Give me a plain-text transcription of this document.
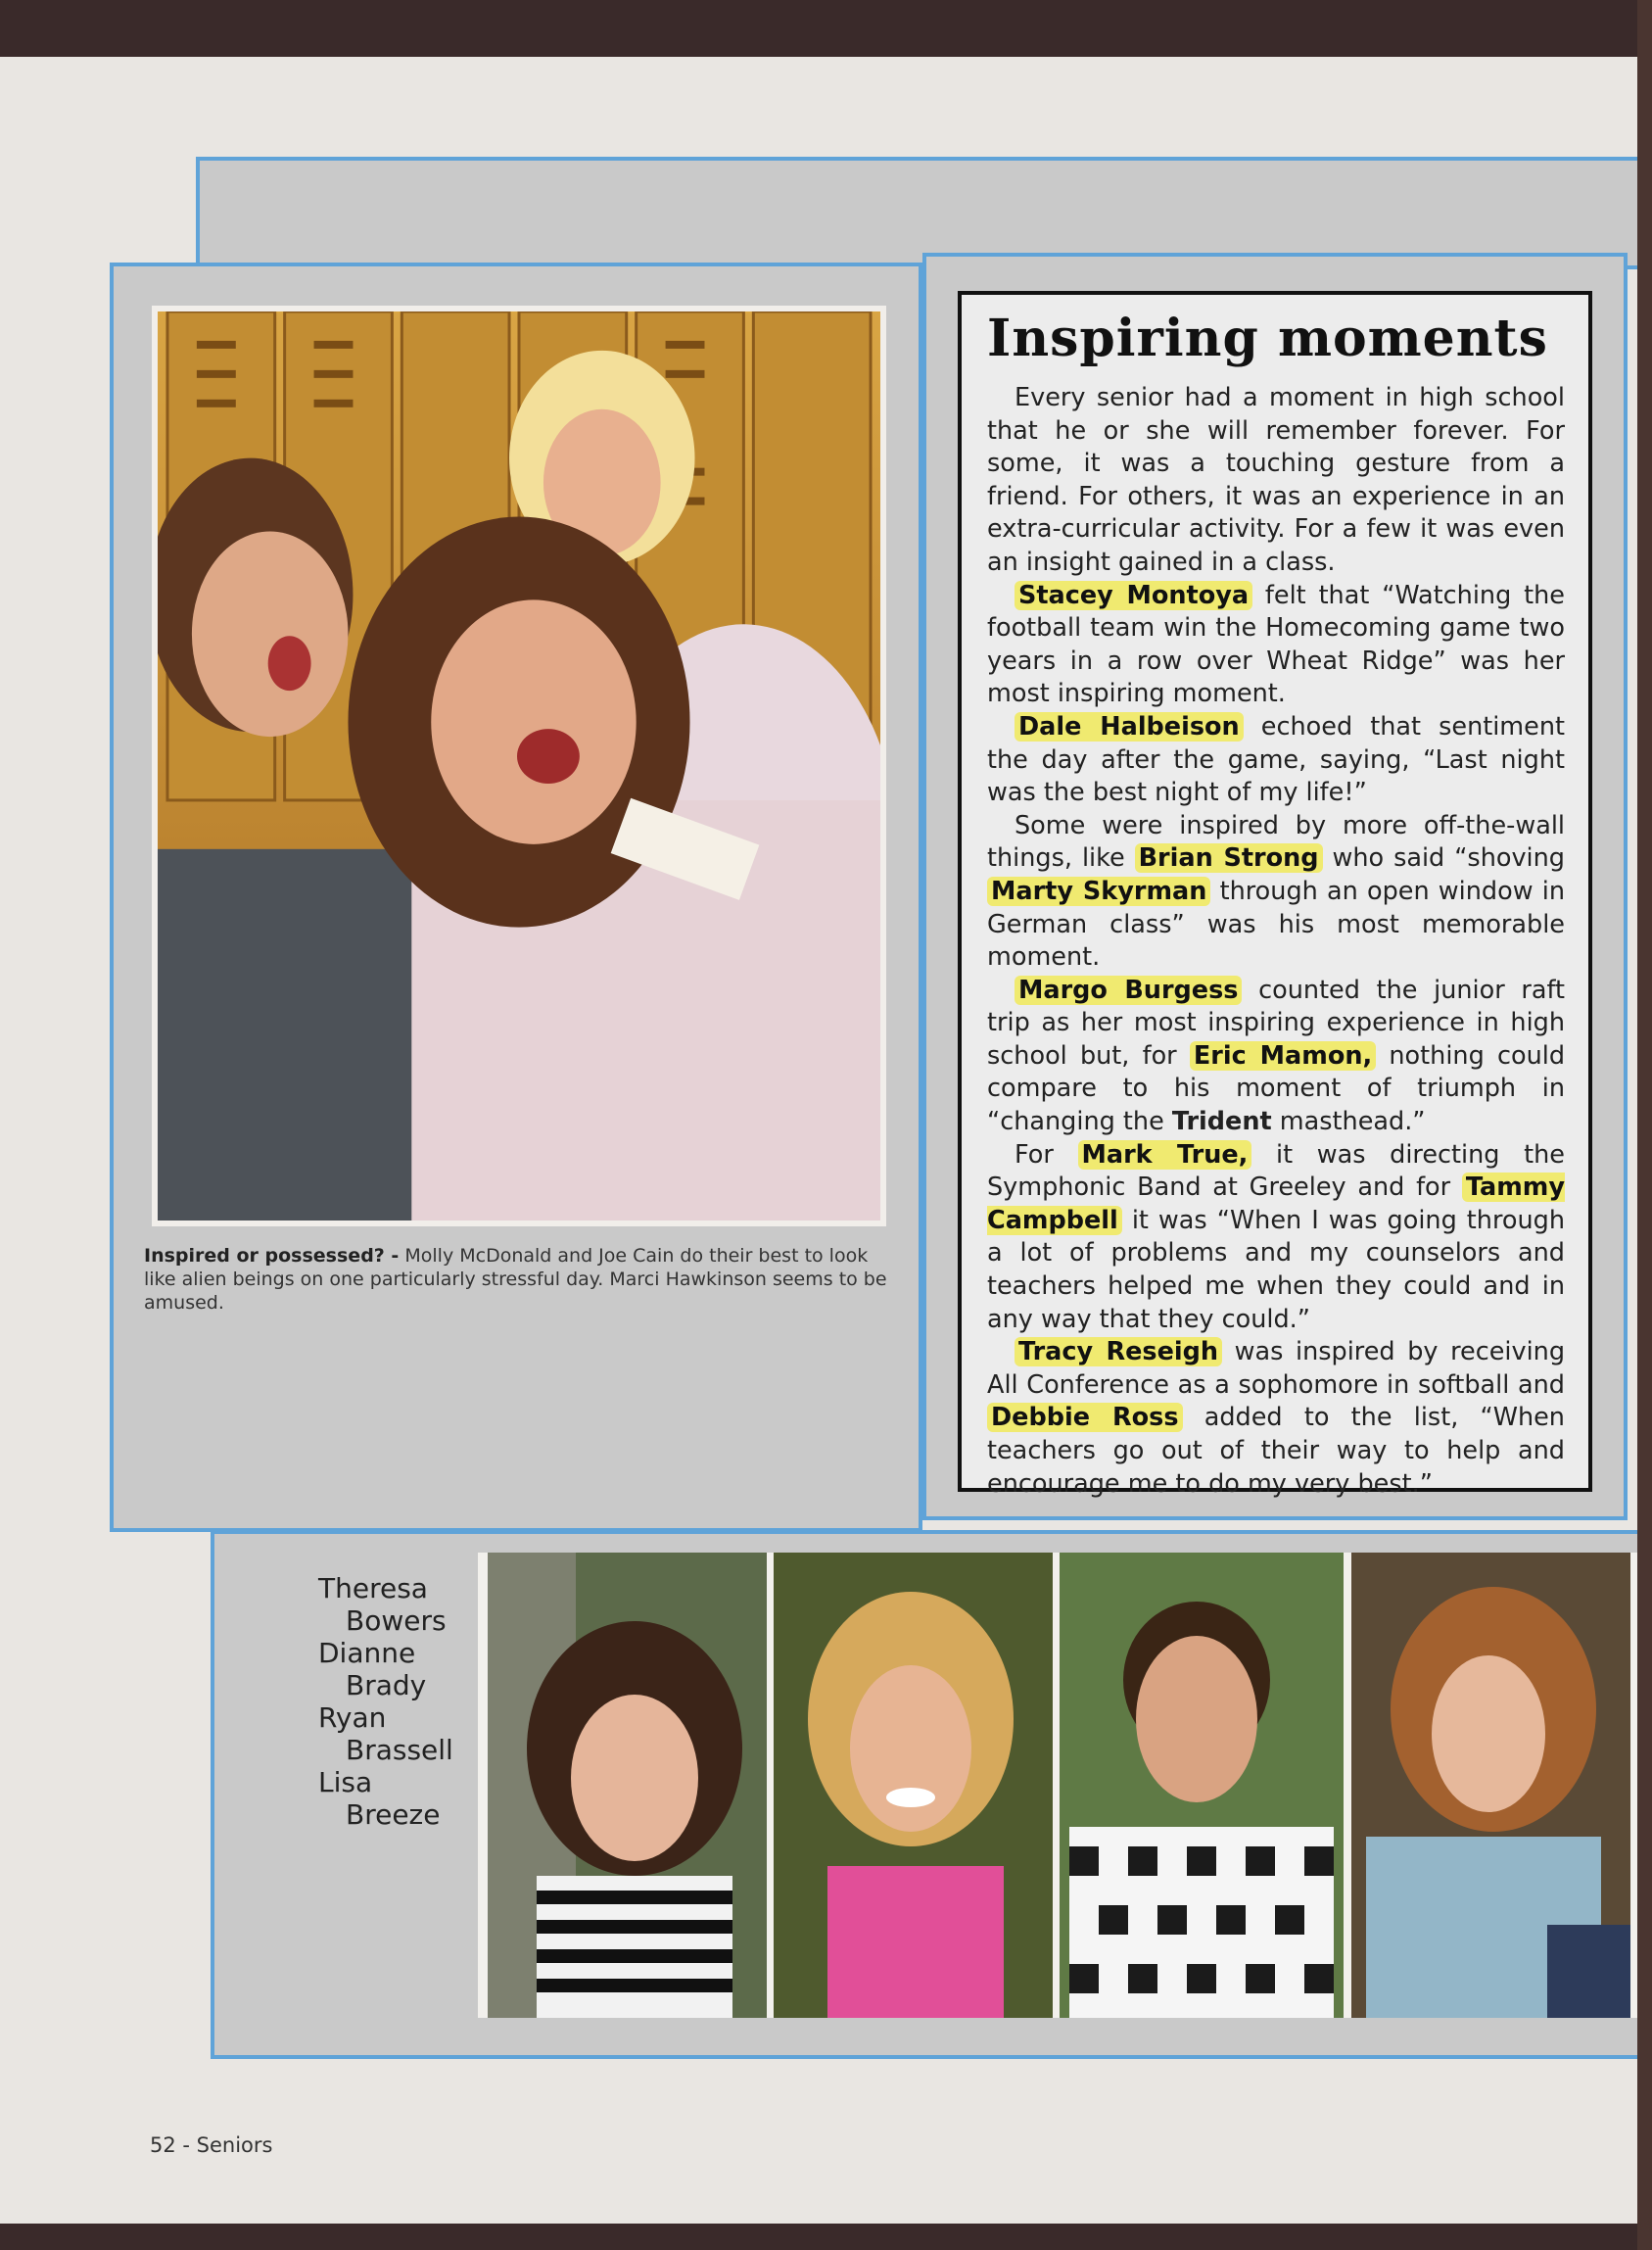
Inspired or possessed? - Molly McDonald and Joe Cain do their best to look like alien beings on one particularly stressful day. Marci Hawkinson seems to be amused.
Inspiring moments

Every senior had a moment in high school that he or she will remember forever. For some, it was a touching gesture from a friend. For others, it was an experience in an extra-curricular activity. For a few it was even an insight gained in a class.

Stacey Montoya felt that “Watching the football team win the Homecoming game two years in a row over Wheat Ridge” was her most inspiring moment.

Dale Halbeison echoed that sentiment the day after the game, saying, “Last night was the best night of my life!”

Some were inspired by more off-the-wall things, like Brian Strong who said “shoving Marty Skyrman through an open window in German class” was his most memorable moment.

Margo Burgess counted the junior raft trip as her most inspiring experience in high school but, for Eric Mamon, nothing could compare to his moment of triumph in “changing the Trident masthead.”

For Mark True, it was directing the Symphonic Band at Greeley and for Tammy Campbell it was “When I was going through a lot of problems and my counselors and teachers helped me when they could and in any way that they could.”

Tracy Reseigh was inspired by receiving All Conference as a sophomore in softball and Debbie Ross added to the list, “When teachers go out of their way to help and encourage me to do my very best.”

Theresa
Bowers
Dianne
Brady
Ryan
Brassell
Lisa
Breeze
52 - Seniors
